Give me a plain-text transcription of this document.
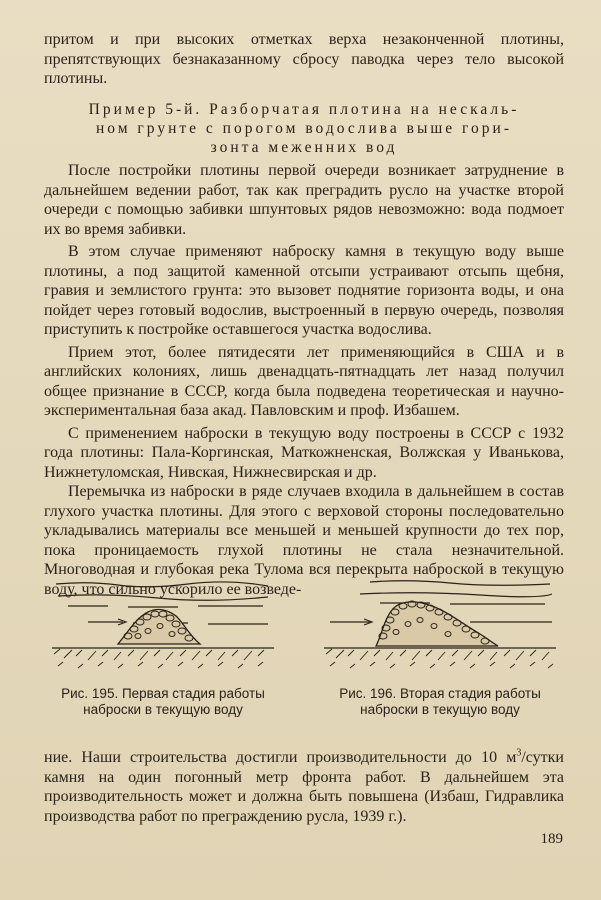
притом и при высоких отметках верха незаконченной плотины, препятствующих безнаказанному сбросу паводка через тело высокой плотины.

Пример 5-й. Разборчатая плотина на нескаль-

ном грунте с порогом водослива выше гори-

зонта меженних вод

После постройки плотины первой очереди возникает затруднение в дальнейшем ведении работ, так как преградить русло на участке второй очереди с помощью забивки шпунтовых рядов невозможно: вода подмоет их во время забивки.

В этом случае применяют наброску камня в текущую воду выше плотины, а под защитой каменной отсыпи устраивают отсыпь щебня, гравия и землистого грунта: это вызовет поднятие горизонта воды, и она пойдет через готовый водослив, выстроенный в первую очередь, позволяя приступить к постройке оставшегося участка водослива.

Прием этот, более пятидесяти лет применяющийся в США и в английских колониях, лишь двенадцать-пятнадцать лет назад получил общее признание в СССР, когда была подведена теоретическая и научно-экспериментальная база акад. Павловским и проф. Избашем.

С применением наброски в текущую воду построены в СССР с 1932 года плотины: Пала-Коргинская, Маткожненская, Волжская у Иванькова, Нижнетуломская, Нивская, Нижнесвирская и др.

Перемычка из наброски в ряде случаев входила в дальнейшем в состав глухого участка плотины. Для этого с верховой стороны последовательно укладывались материалы все меньшей и меньшей крупности до тех пор, пока проницаемость глухой плотины не стала незначительной. Многоводная и глубокая река Тулома вся перекрыта наброской в текущую воду, что сильно ускорило ее возведе-

Рис. 195. Первая стадия работы
наброски в текущую воду
Рис. 196. Вторая стадия работы
наброски в текущую воду

ние. Наши строительства достигли производительности до 10 $м^3$/сутки камня на один погонный метр фронта работ. В дальнейшем эта производительность может и должна быть повышена (Избаш, Гидравлика производства работ по преграждению русла, 1939 г.).

189
